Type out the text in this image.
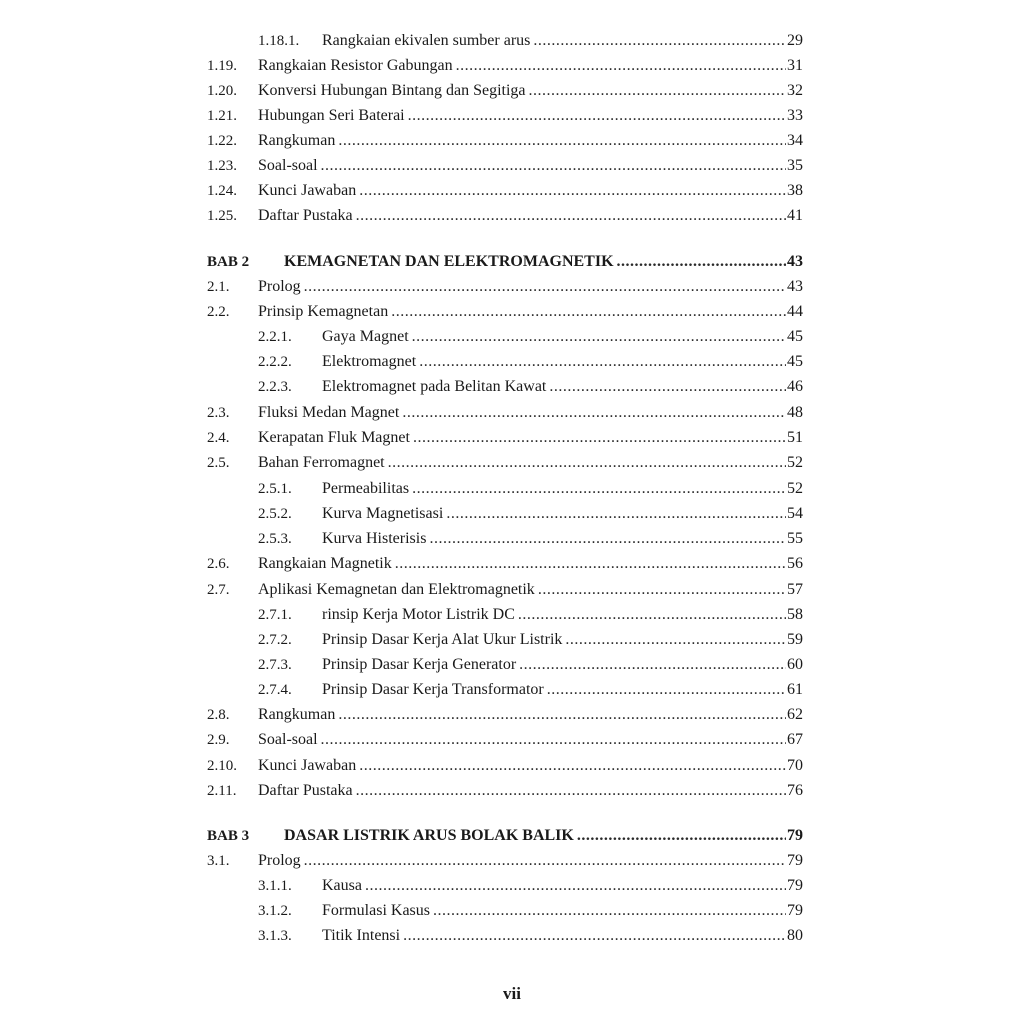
1.18.1.	Rangkaian ekivalen sumber arus .....	29
1.19.	Rangkaian Resistor Gabungan .....	31
1.20.	Konversi Hubungan Bintang dan Segitiga .....	32
1.21.	Hubungan Seri Baterai .....	33
1.22.	Rangkuman .....	34
1.23.	Soal-soal .....	35
1.24.	Kunci Jawaban .....	38
1.25.	Daftar Pustaka .....	41
BAB 2	KEMAGNETAN DAN ELEKTROMAGNETIK .....	43
2.1.	Prolog .....	43
2.2.	Prinsip Kemagnetan .....	44
2.2.1.	Gaya Magnet .....	45
2.2.2.	Elektromagnet .....	45
2.2.3.	Elektromagnet pada Belitan Kawat .....	46
2.3.	Fluksi Medan Magnet .....	48
2.4.	Kerapatan Fluk Magnet .....	51
2.5.	Bahan Ferromagnet .....	52
2.5.1.	Permeabilitas .....	52
2.5.2.	Kurva Magnetisasi .....	54
2.5.3.	Kurva Histerisis .....	55
2.6.	Rangkaian Magnetik .....	56
2.7.	Aplikasi Kemagnetan dan Elektromagnetik .....	57
2.7.1.	rinsip Kerja Motor Listrik DC .....	58
2.7.2.	Prinsip Dasar Kerja Alat Ukur Listrik .....	59
2.7.3.	Prinsip Dasar Kerja Generator .....	60
2.7.4.	Prinsip Dasar Kerja Transformator .....	61
2.8.	Rangkuman .....	62
2.9.	Soal-soal .....	67
2.10.	Kunci Jawaban .....	70
2.11.	Daftar Pustaka .....	76
BAB 3	DASAR LISTRIK ARUS BOLAK BALIK .....	79
3.1.	Prolog .....	79
3.1.1.	Kausa .....	79
3.1.2.	Formulasi Kasus .....	79
3.1.3.	Titik Intensi .....	80
vii
